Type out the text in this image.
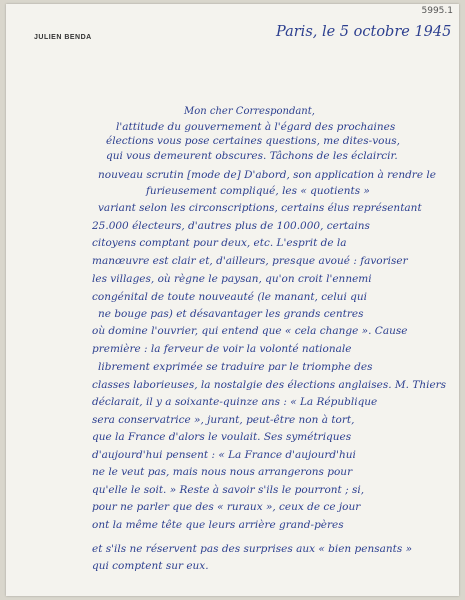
5995.1
JULIEN BENDA	Paris, le 5 octobre 1945
Mon cher Correspondant,
l'attitude du gouvernement à l'égard des prochaines
élections vous pose certaines questions, me dites-vous,
qui vous demeurent obscures. Tâchons de les éclaircir.
nouveau scrutin [mode de] D'abord, son application à rendre le
furieusement compliqué, les « quotients »
variant selon les circonscriptions, certains élus représentant
25.000 électeurs, d'autres plus de 100.000, certains
citoyens comptant pour deux, etc. L'esprit de la
manœuvre est clair et, d'ailleurs, presque avoué : favoriser
les villages, où règne le paysan, qu'on croit l'ennemi
congénital de toute nouveauté (le manant, celui qui
ne bouge pas) et désavantager les grands centres
où domine l'ouvrier, qui entend que « cela change ». Cause
première : la ferveur de voir la volonté nationale
librement exprimée se traduire par le triomphe des
classes laborieuses, la nostalgie des élections anglaises. M. Thiers
déclarait, il y a soixante-quinze ans : « La République
sera conservatrice », jurant, peut-être non à tort,
que la France d'alors le voulait. Ses symétriques
d'aujourd'hui pensent : « La France d'aujourd'hui
ne le veut pas, mais nous nous arrangerons pour
qu'elle le soit. » Reste à savoir s'ils le pourront ; si,
pour ne parler que des « ruraux », ceux de ce jour
ont la même tête que leurs arrière grand-pères
et s'ils ne réservent pas des surprises aux « bien pensants »
qui comptent sur eux.
